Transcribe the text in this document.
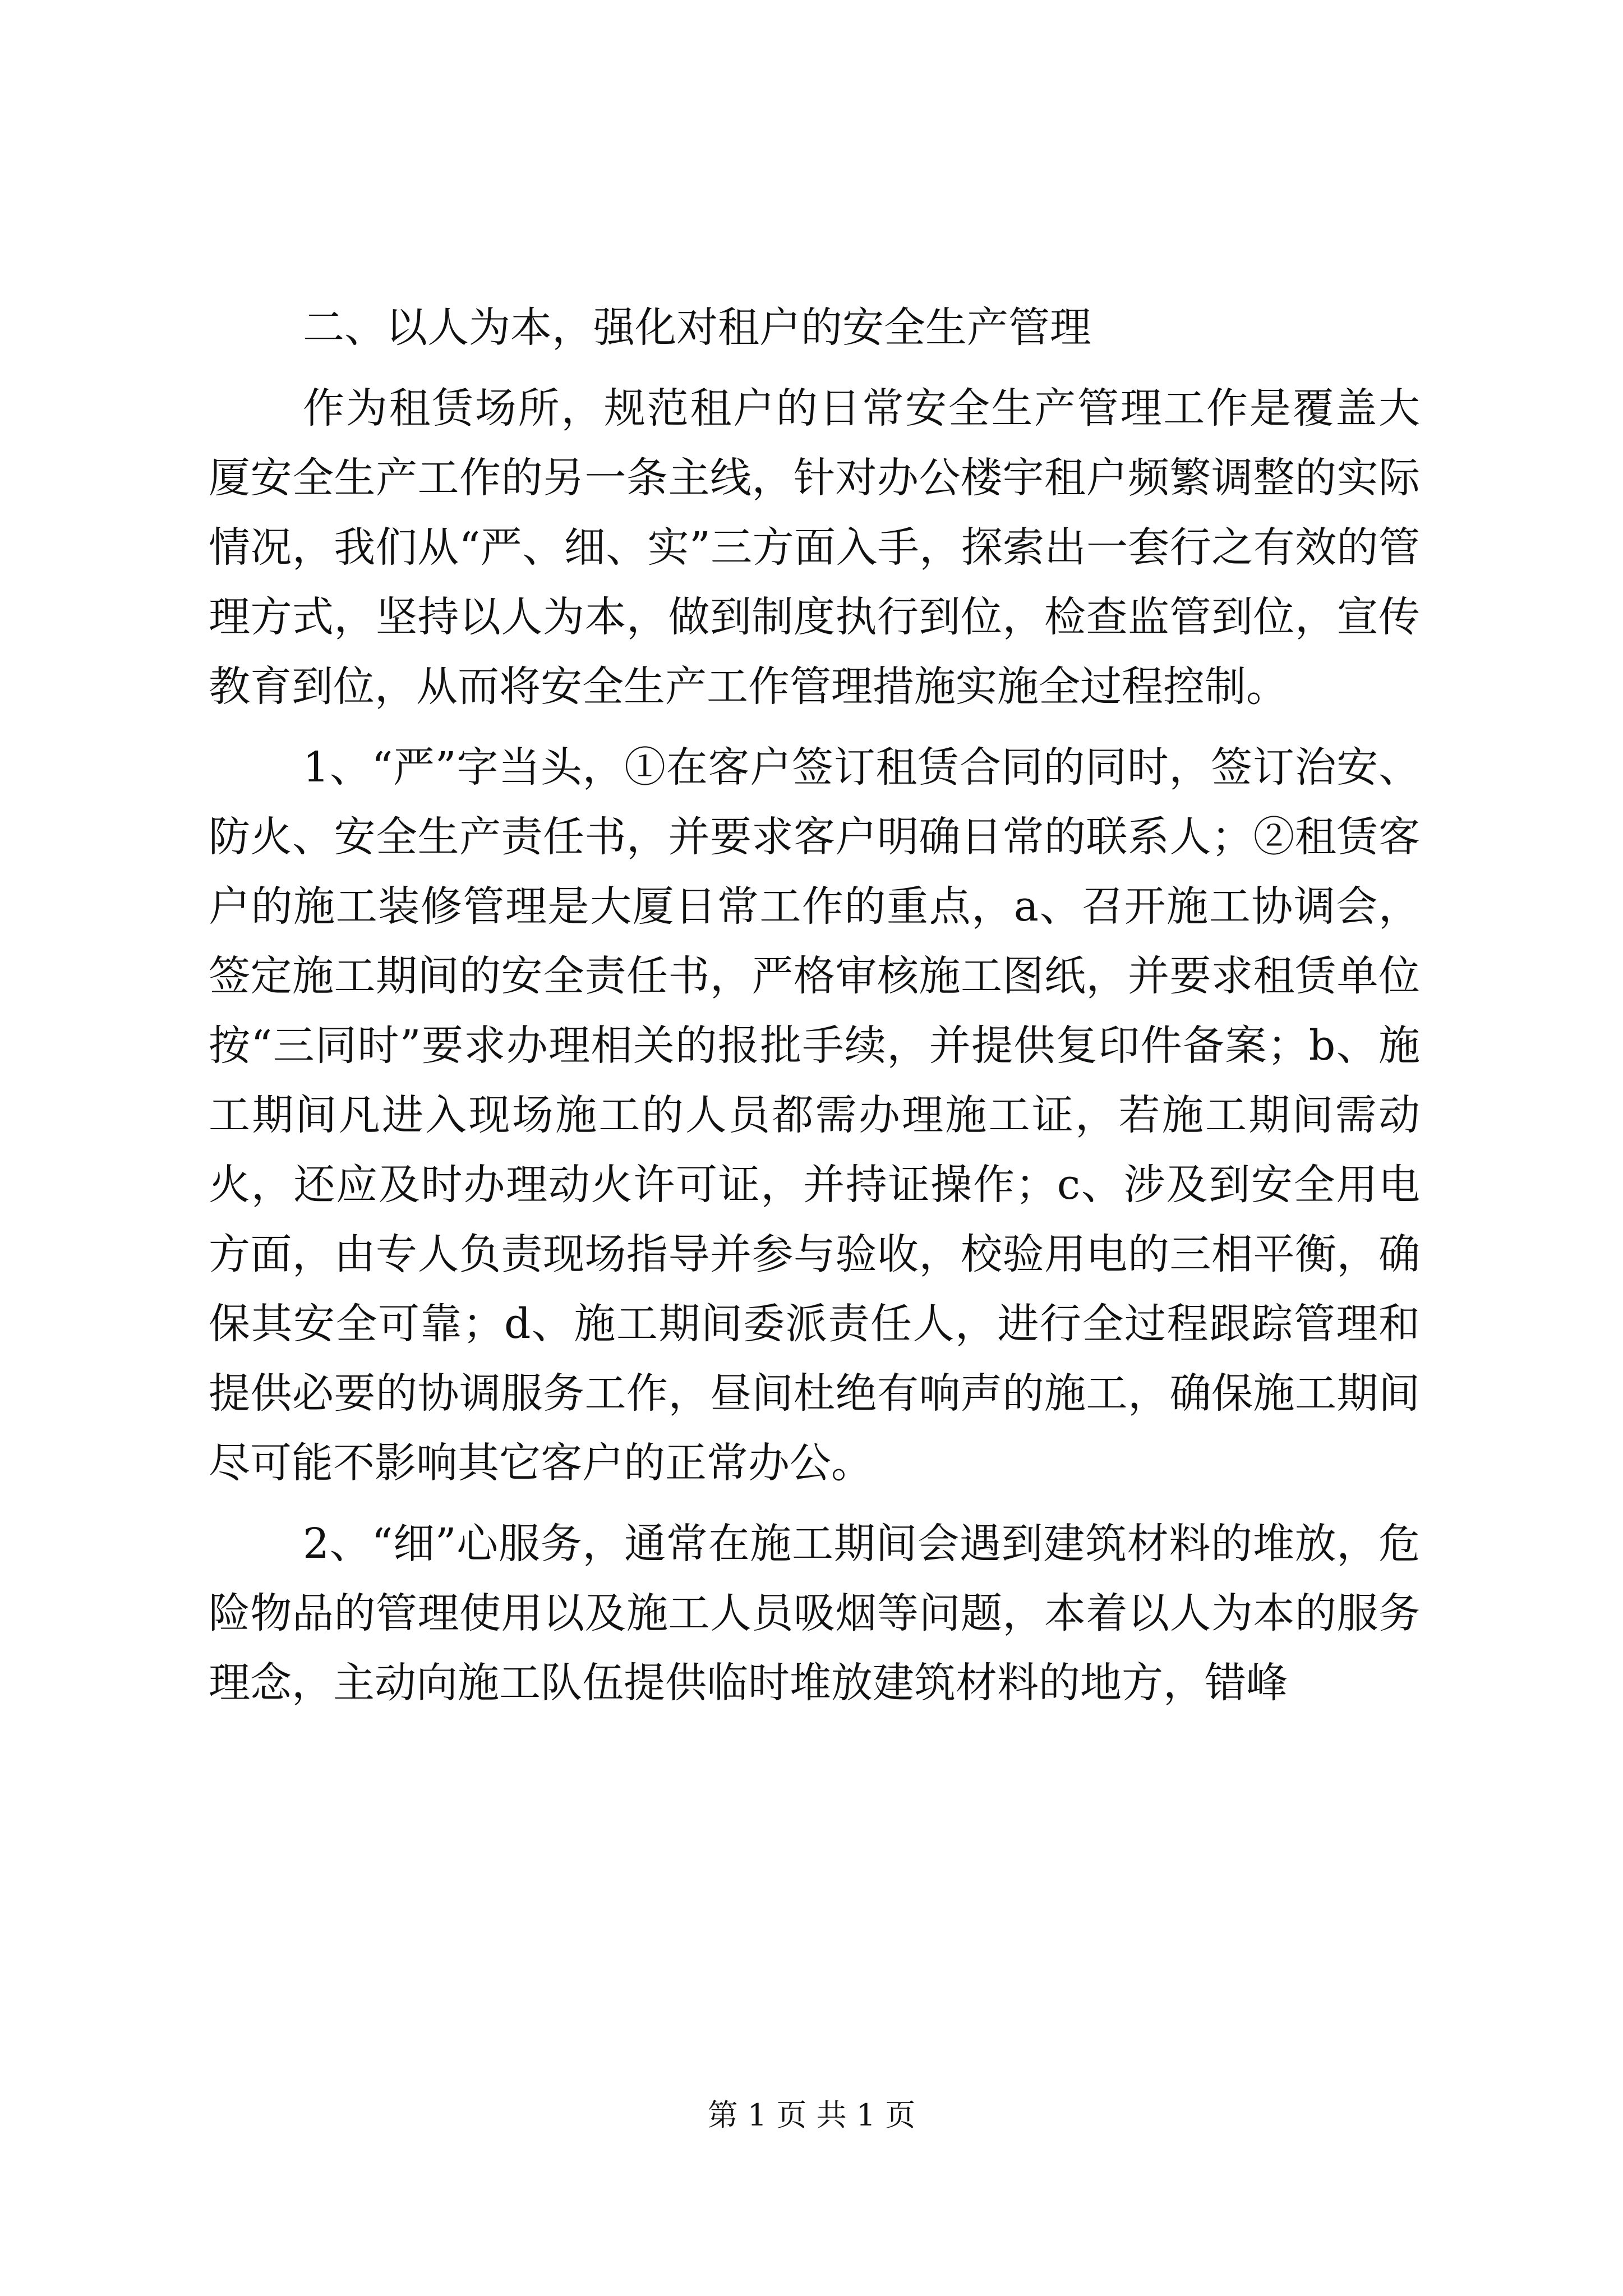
二、以人为本，强化对租户的安全生产管理

作为租赁场所，规范租户的日常安全生产管理工作是覆盖大厦安全生产工作的另一条主线，针对办公楼宇租户频繁调整的实际情况，我们从“严、细、实”三方面入手，探索出一套行之有效的管理方式，坚持以人为本，做到制度执行到位，检查监管到位，宣传教育到位，从而将安全生产工作管理措施实施全过程控制。

1、“严”字当头，①在客户签订租赁合同的同时，签订治安、防火、安全生产责任书，并要求客户明确日常的联系人；②租赁客户的施工装修管理是大厦日常工作的重点，a、召开施工协调会，签定施工期间的安全责任书，严格审核施工图纸，并要求租赁单位按“三同时”要求办理相关的报批手续，并提供复印件备案；b、施工期间凡进入现场施工的人员都需办理施工证，若施工期间需动火，还应及时办理动火许可证，并持证操作；c、涉及到安全用电方面，由专人负责现场指导并参与验收，校验用电的三相平衡，确保其安全可靠；d、施工期间委派责任人，进行全过程跟踪管理和提供必要的协调服务工作，昼间杜绝有响声的施工，确保施工期间尽可能不影响其它客户的正常办公。

2、“细”心服务，通常在施工期间会遇到建筑材料的堆放，危险物品的管理使用以及施工人员吸烟等问题，本着以人为本的服务理念，主动向施工队伍提供临时堆放建筑材料的地方，错峰

第 1 页 共 1 页
